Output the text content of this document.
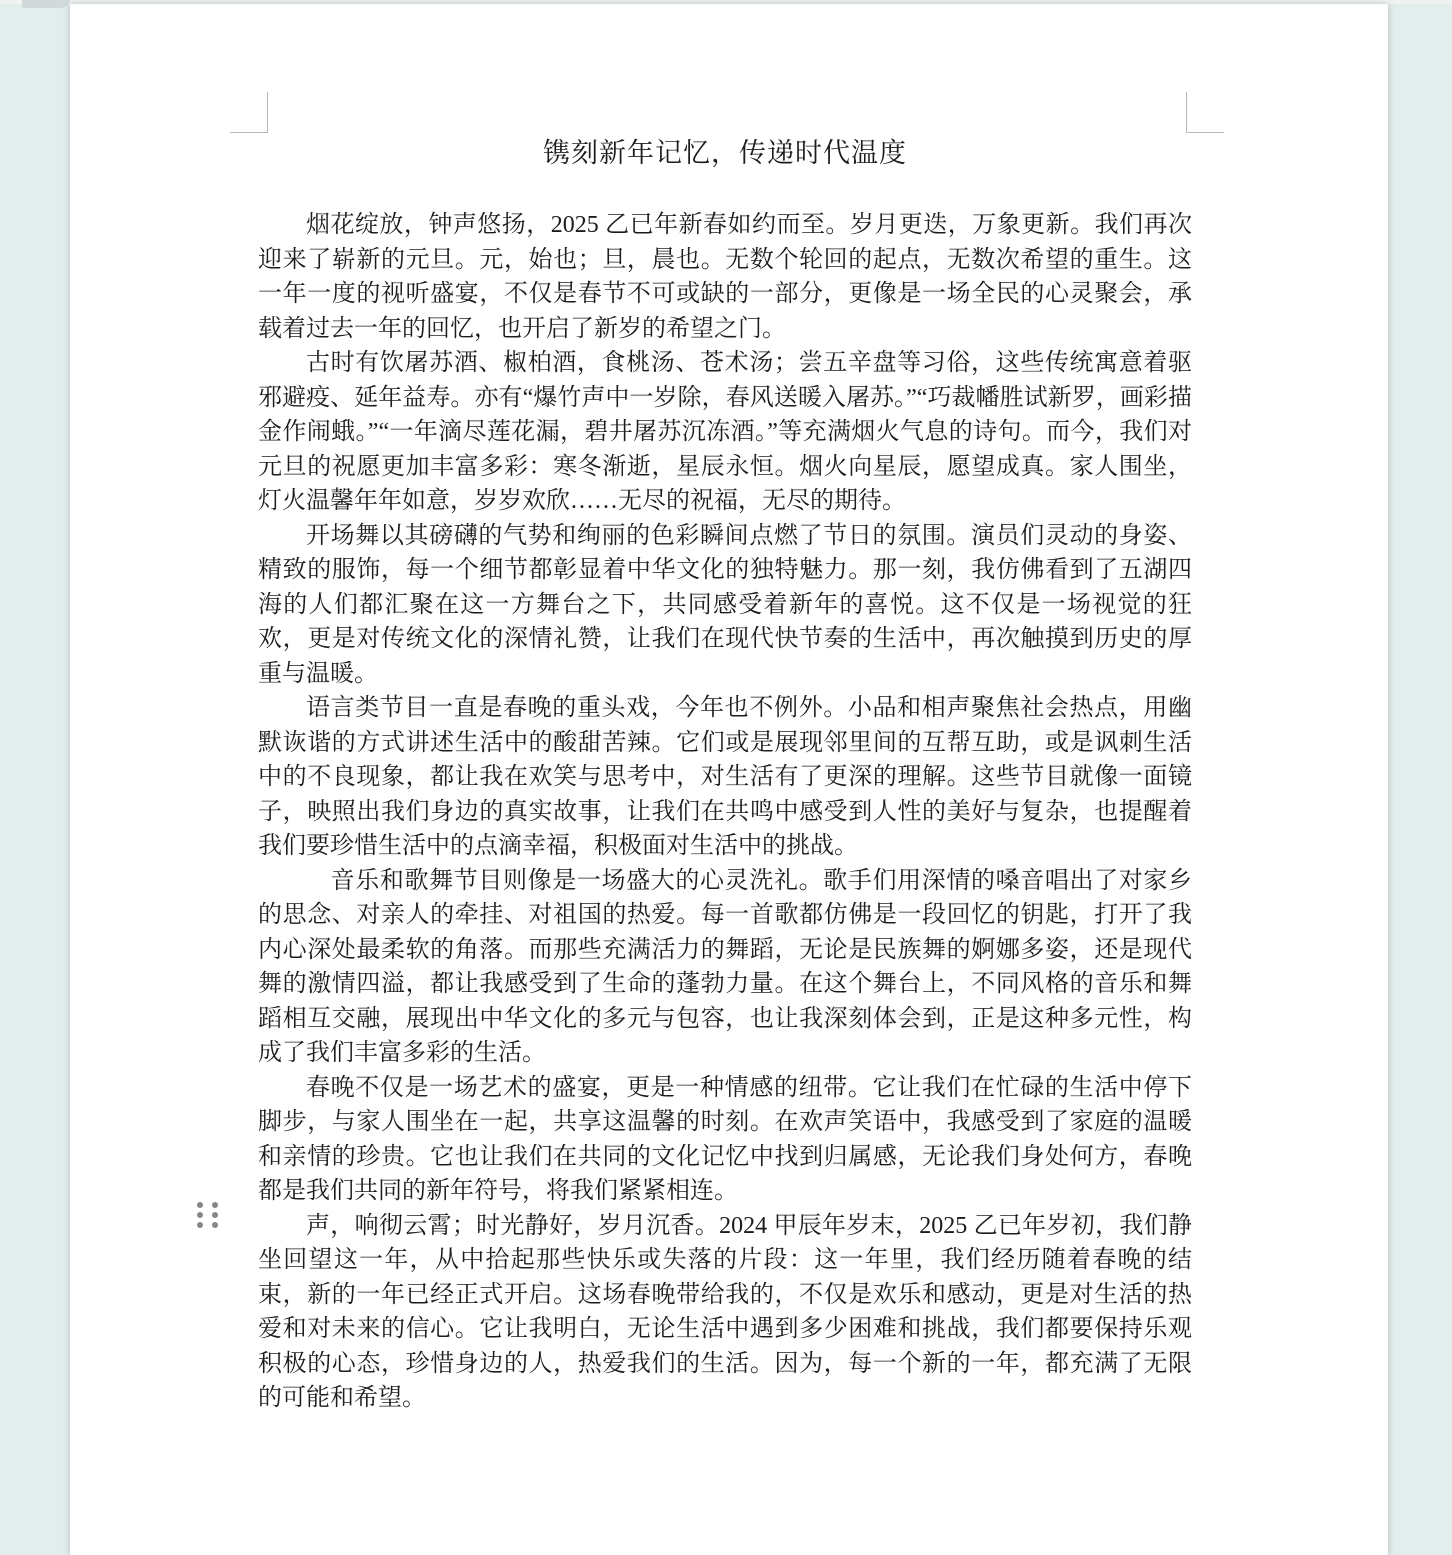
镌刻新年记忆，传递时代温度

烟花绽放，钟声悠扬，2025 乙已年新春如约而至。岁月更迭，万象更新。我们再次迎来了崭新的元旦。元，始也；旦，晨也。无数个轮回的起点，无数次希望的重生。这一年一度的视听盛宴，不仅是春节不可或缺的一部分，更像是一场全民的心灵聚会，承载着过去一年的回忆，也开启了新岁的希望之门。

古时有饮屠苏酒、椒柏酒，食桃汤、苍术汤；尝五辛盘等习俗，这些传统寓意着驱邪避疫、延年益寿。亦有“爆竹声中一岁除，春风送暖入屠苏。”“巧裁幡胜试新罗，画彩描金作闹蛾。”“一年滴尽莲花漏，碧井屠苏沉冻酒。”等充满烟火气息的诗句。而今，我们对元旦的祝愿更加丰富多彩：寒冬渐逝，星辰永恒。烟火向星辰，愿望成真。家人围坐，灯火温馨年年如意，岁岁欢欣……无尽的祝福，无尽的期待。

开场舞以其磅礴的气势和绚丽的色彩瞬间点燃了节日的氛围。演员们灵动的身姿、精致的服饰，每一个细节都彰显着中华文化的独特魅力。那一刻，我仿佛看到了五湖四海的人们都汇聚在这一方舞台之下，共同感受着新年的喜悦。这不仅是一场视觉的狂欢，更是对传统文化的深情礼赞，让我们在现代快节奏的生活中，再次触摸到历史的厚重与温暖。

语言类节目一直是春晚的重头戏，今年也不例外。小品和相声聚焦社会热点，用幽默诙谐的方式讲述生活中的酸甜苦辣。它们或是展现邻里间的互帮互助，或是讽刺生活中的不良现象，都让我在欢笑与思考中，对生活有了更深的理解。这些节目就像一面镜子，映照出我们身边的真实故事，让我们在共鸣中感受到人性的美好与复杂，也提醒着我们要珍惜生活中的点滴幸福，积极面对生活中的挑战。

　音乐和歌舞节目则像是一场盛大的心灵洗礼。歌手们用深情的嗓音唱出了对家乡的思念、对亲人的牵挂、对祖国的热爱。每一首歌都仿佛是一段回忆的钥匙，打开了我内心深处最柔软的角落。而那些充满活力的舞蹈，无论是民族舞的婀娜多姿，还是现代舞的激情四溢，都让我感受到了生命的蓬勃力量。在这个舞台上，不同风格的音乐和舞蹈相互交融，展现出中华文化的多元与包容，也让我深刻体会到，正是这种多元性，构成了我们丰富多彩的生活。

春晚不仅是一场艺术的盛宴，更是一种情感的纽带。它让我们在忙碌的生活中停下脚步，与家人围坐在一起，共享这温馨的时刻。在欢声笑语中，我感受到了家庭的温暖和亲情的珍贵。它也让我们在共同的文化记忆中找到归属感，无论我们身处何方，春晚都是我们共同的新年符号，将我们紧紧相连。

声，响彻云霄；时光静好，岁月沉香。2024 甲辰年岁末，2025 乙已年岁初，我们静坐回望这一年，从中拾起那些快乐或失落的片段：这一年里，我们经历随着春晚的结束，新的一年已经正式开启。这场春晚带给我的，不仅是欢乐和感动，更是对生活的热爱和对未来的信心。它让我明白，无论生活中遇到多少困难和挑战，我们都要保持乐观积极的心态，珍惜身边的人，热爱我们的生活。因为，每一个新的一年，都充满了无限的可能和希望。
